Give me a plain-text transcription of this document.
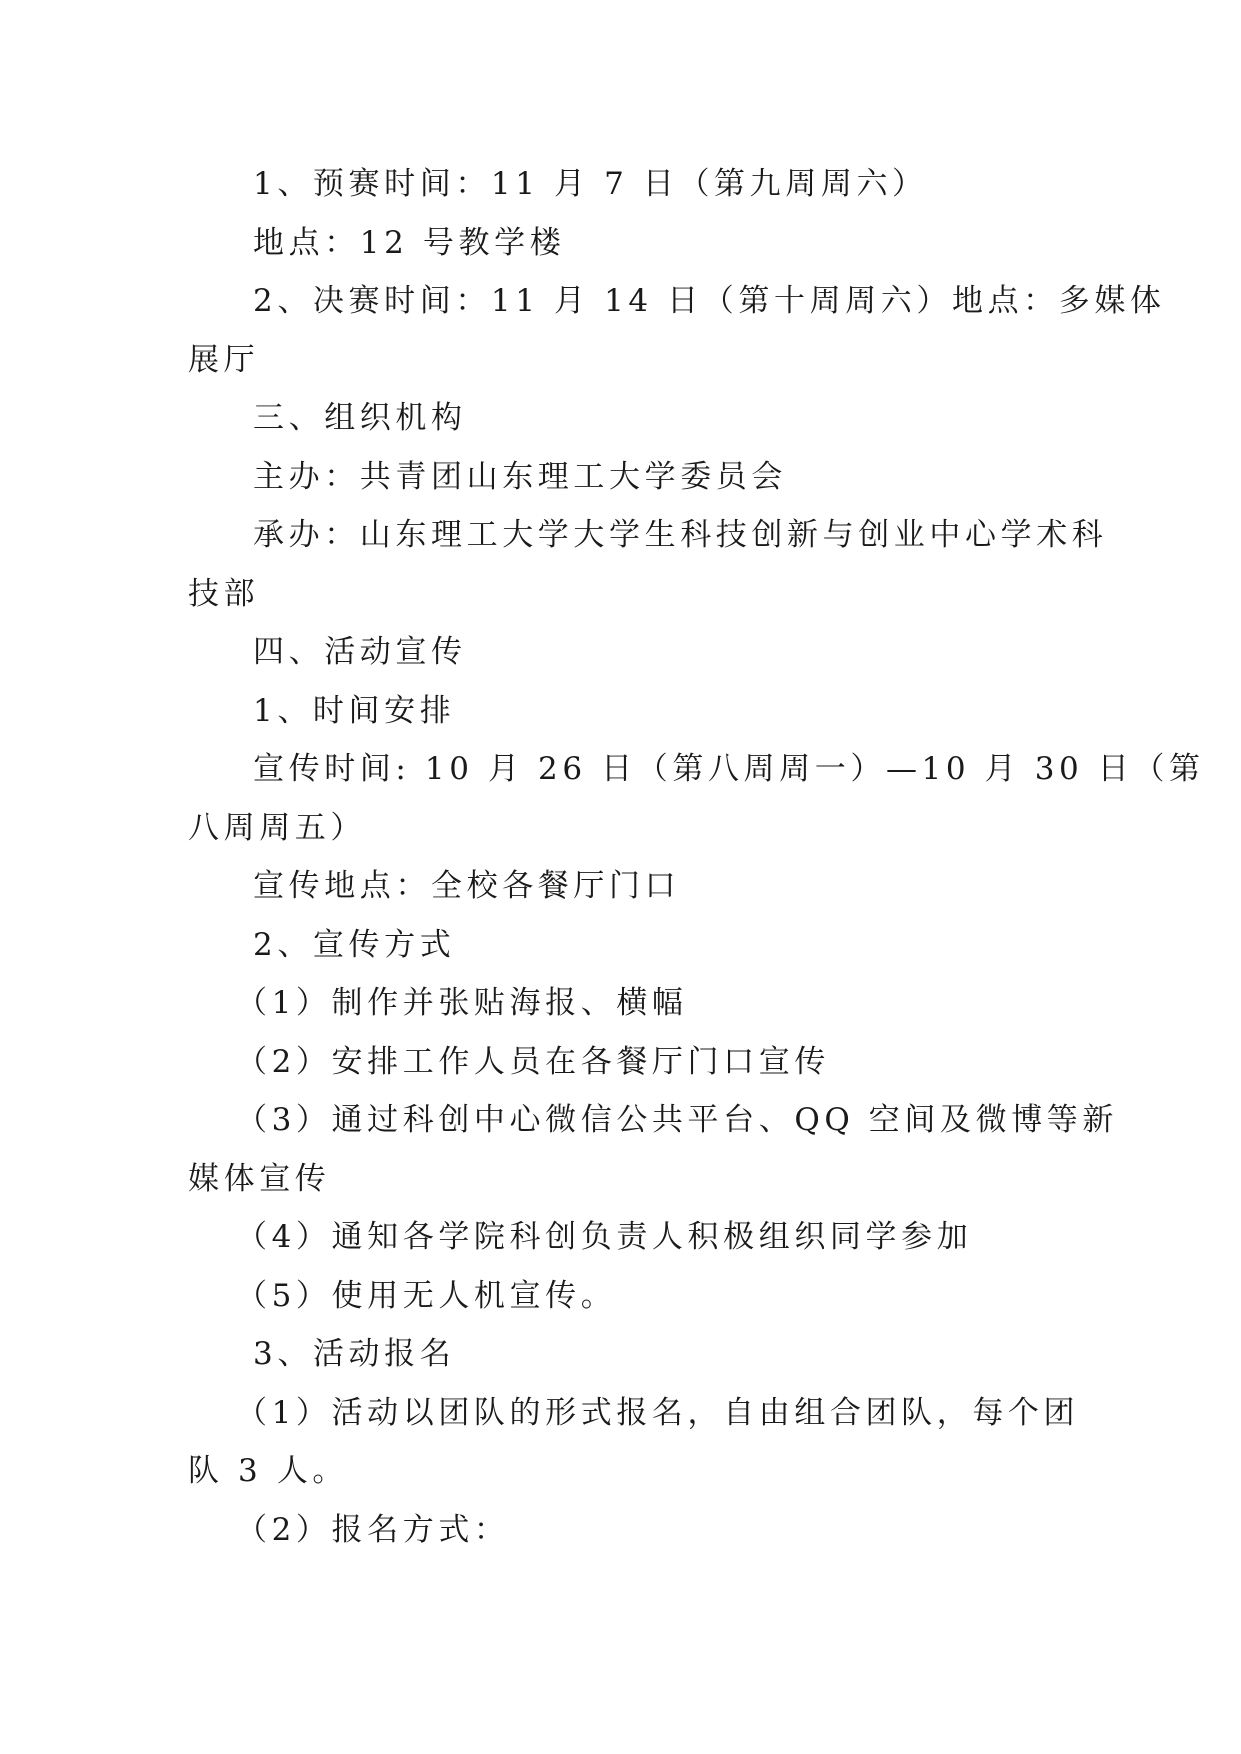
1、预赛时间：11 月 7 日（第九周周六）
地点：12 号教学楼
2、决赛时间：11 月 14 日（第十周周六）地点：多媒体
展厅
三、组织机构
主办：共青团山东理工大学委员会
承办：山东理工大学大学生科技创新与创业中心学术科
技部
四、活动宣传
1、时间安排
宣传时间: 10 月 26 日（第八周周一）—10 月 30 日（第
八周周五）
宣传地点：全校各餐厅门口
2、宣传方式
（1）制作并张贴海报、横幅
（2）安排工作人员在各餐厅门口宣传
（3）通过科创中心微信公共平台、QQ 空间及微博等新
媒体宣传
（4）通知各学院科创负责人积极组织同学参加
（5）使用无人机宣传。
3、活动报名
（1）活动以团队的形式报名，自由组合团队，每个团
队 3 人。
（2）报名方式：
